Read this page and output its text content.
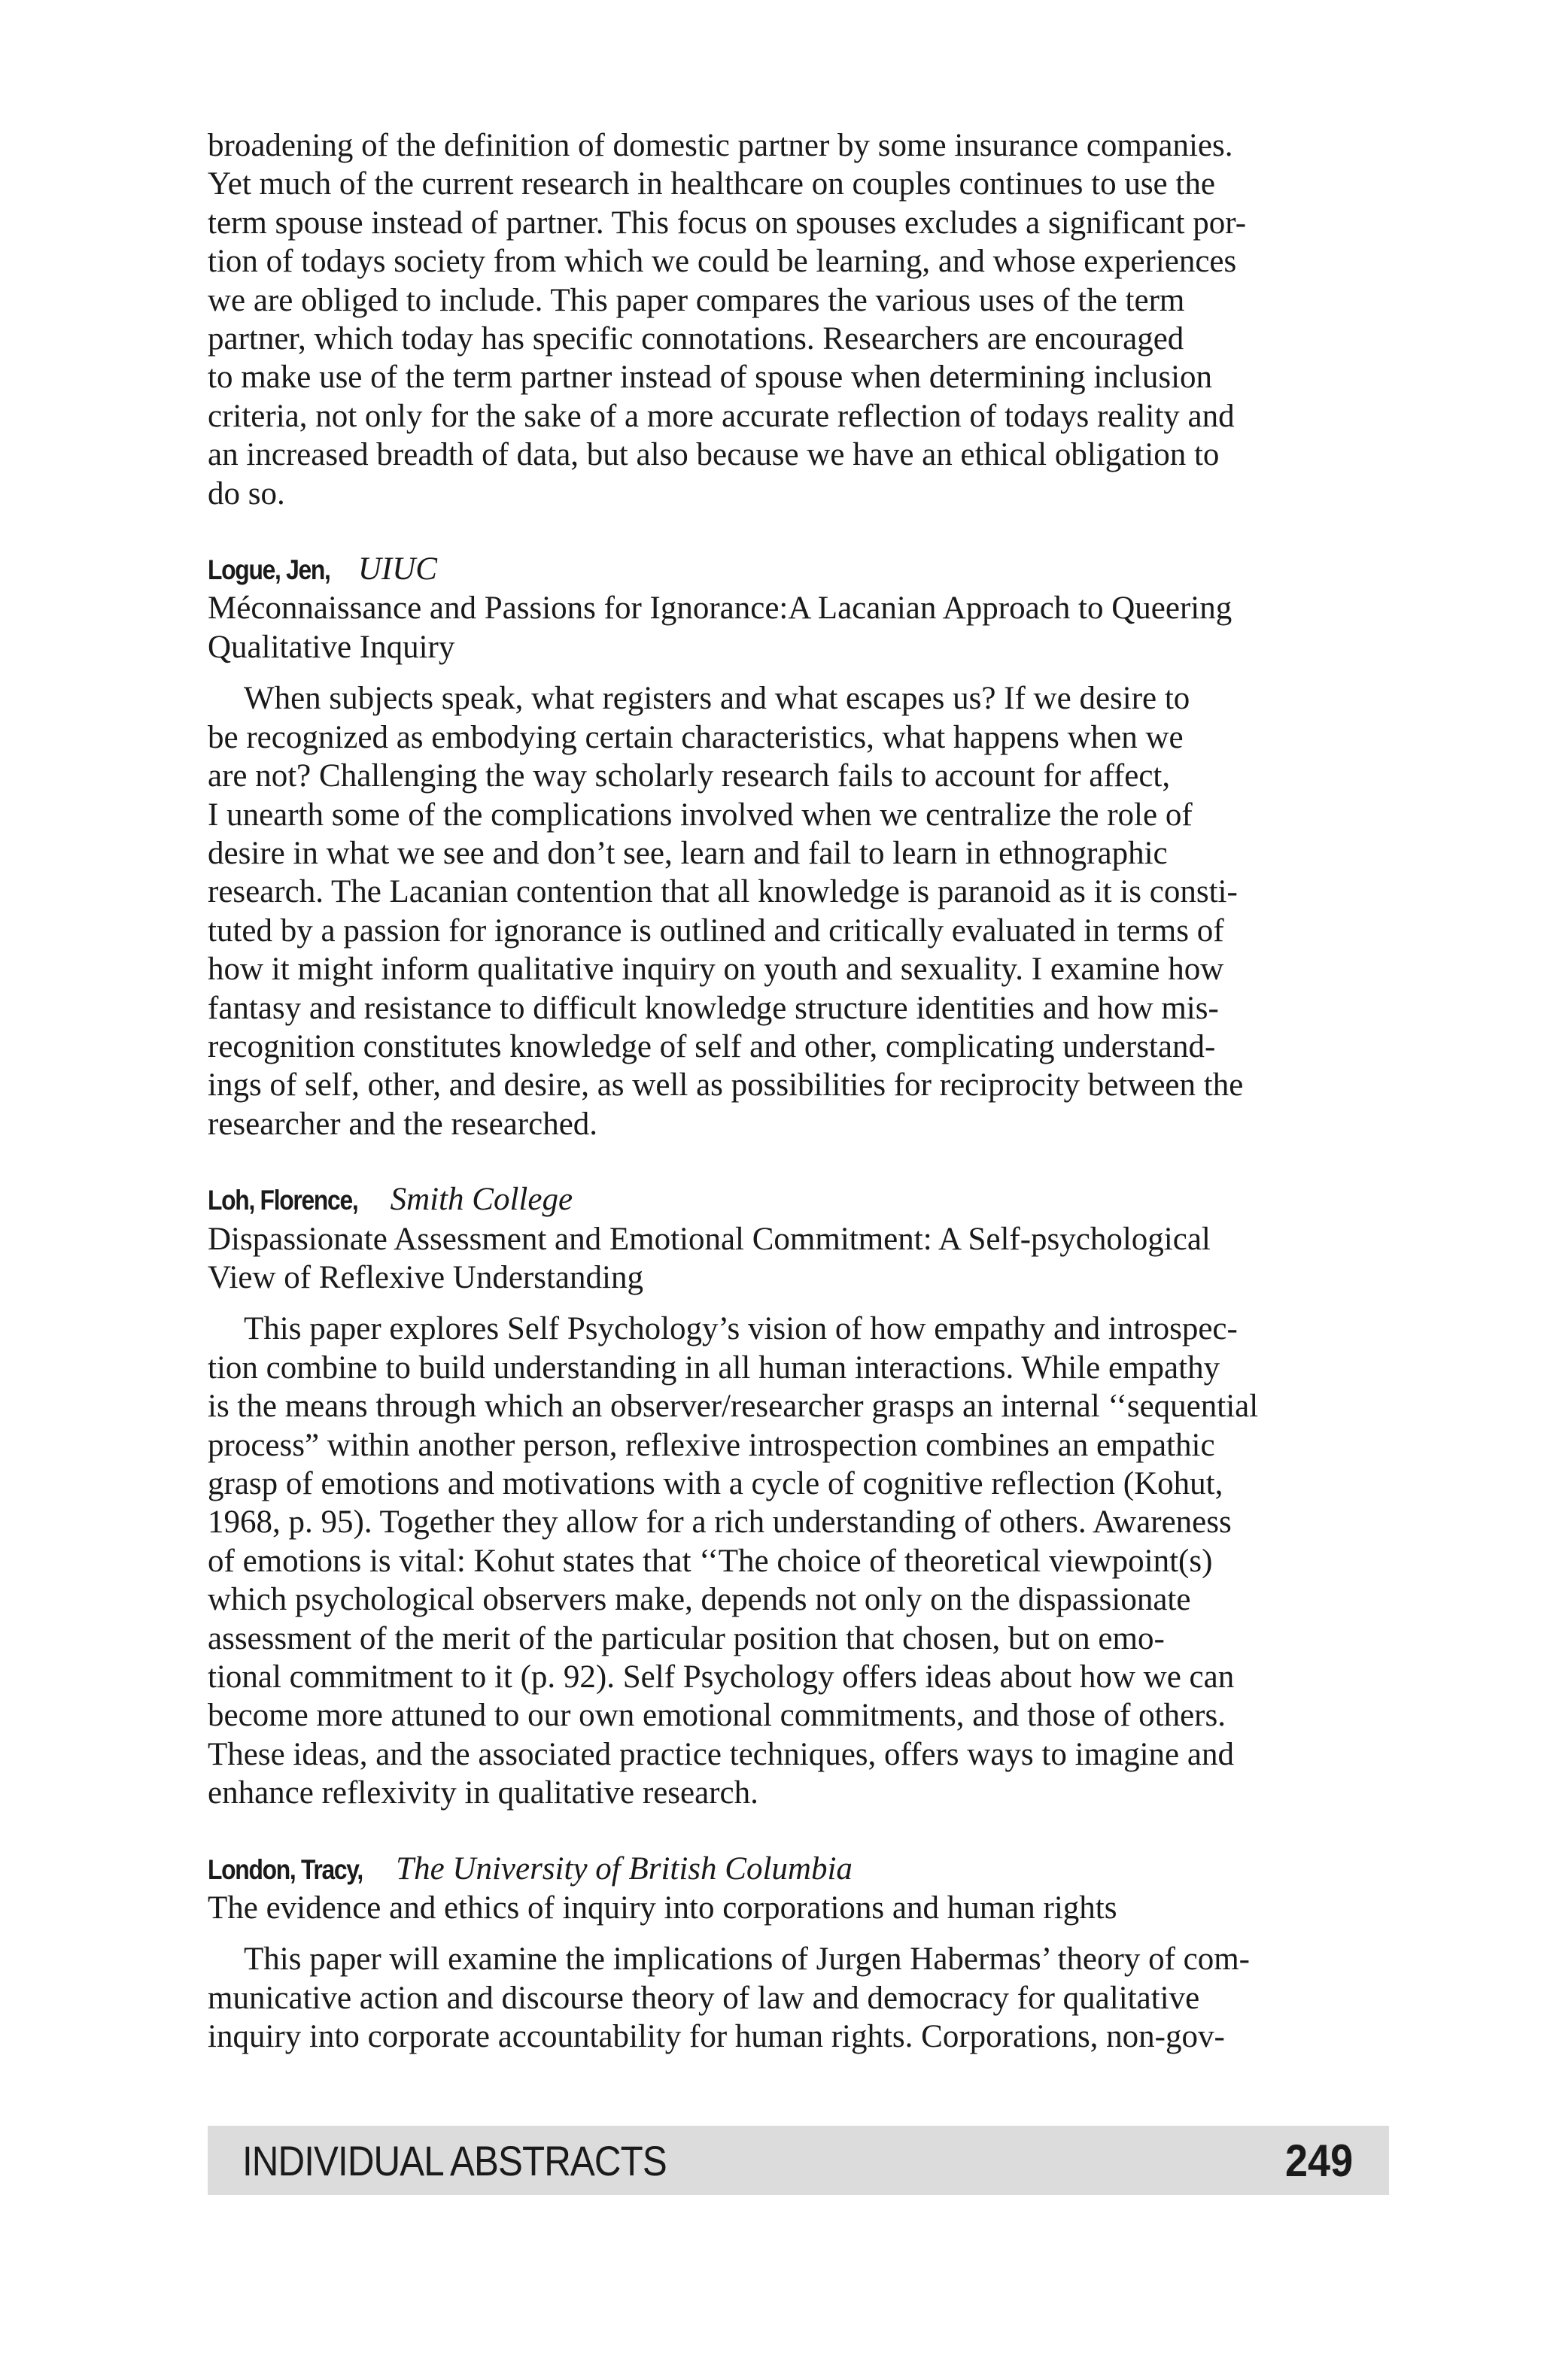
broadening of the definition of domestic partner by some insurance companies.
Yet much of the current research in healthcare on couples continues to use the
term spouse instead of partner. This focus on spouses excludes a significant por-
tion of todays society from which we could be learning, and whose experiences
we are obliged to include. This paper compares the various uses of the term
partner, which today has specific connotations. Researchers are encouraged
to make use of the term partner instead of spouse when determining inclusion
criteria, not only for the sake of a more accurate reflection of todays reality and
an increased breadth of data, but also because we have an ethical obligation to
do so.

Logue, Jen, UIUC

Méconnaissance and Passions for Ignorance:A Lacanian Approach to Queering
Qualitative Inquiry

When subjects speak, what registers and what escapes us? If we desire to
be recognized as embodying certain characteristics, what happens when we
are not? Challenging the way scholarly research fails to account for affect,
I unearth some of the complications involved when we centralize the role of
desire in what we see and don’t see, learn and fail to learn in ethnographic
research. The Lacanian contention that all knowledge is paranoid as it is consti-
tuted by a passion for ignorance is outlined and critically evaluated in terms of
how it might inform qualitative inquiry on youth and sexuality. I examine how
fantasy and resistance to difficult knowledge structure identities and how mis-
recognition constitutes knowledge of self and other, complicating understand-
ings of self, other, and desire, as well as possibilities for reciprocity between the
researcher and the researched.

Loh, Florence, Smith College

Dispassionate Assessment and Emotional Commitment: A Self-psychological
View of Reflexive Understanding

This paper explores Self Psychology’s vision of how empathy and introspec-
tion combine to build understanding in all human interactions. While empathy
is the means through which an observer/researcher grasps an internal ‘‘sequential
process” within another person, reflexive introspection combines an empathic
grasp of emotions and motivations with a cycle of cognitive reflection (Kohut,
1968, p. 95). Together they allow for a rich understanding of others. Awareness
of emotions is vital: Kohut states that ‘‘The choice of theoretical viewpoint(s)
which psychological observers make, depends not only on the dispassionate
assessment of the merit of the particular position that chosen, but on emo-
tional commitment to it (p. 92). Self Psychology offers ideas about how we can
become more attuned to our own emotional commitments, and those of others.
These ideas, and the associated practice techniques, offers ways to imagine and
enhance reflexivity in qualitative research.

London, Tracy, The University of British Columbia

The evidence and ethics of inquiry into corporations and human rights

This paper will examine the implications of Jurgen Habermas’ theory of com-
municative action and discourse theory of law and democracy for qualitative
inquiry into corporate accountability for human rights. Corporations, non-gov-

INDIVIDUAL ABSTRACTS	249
